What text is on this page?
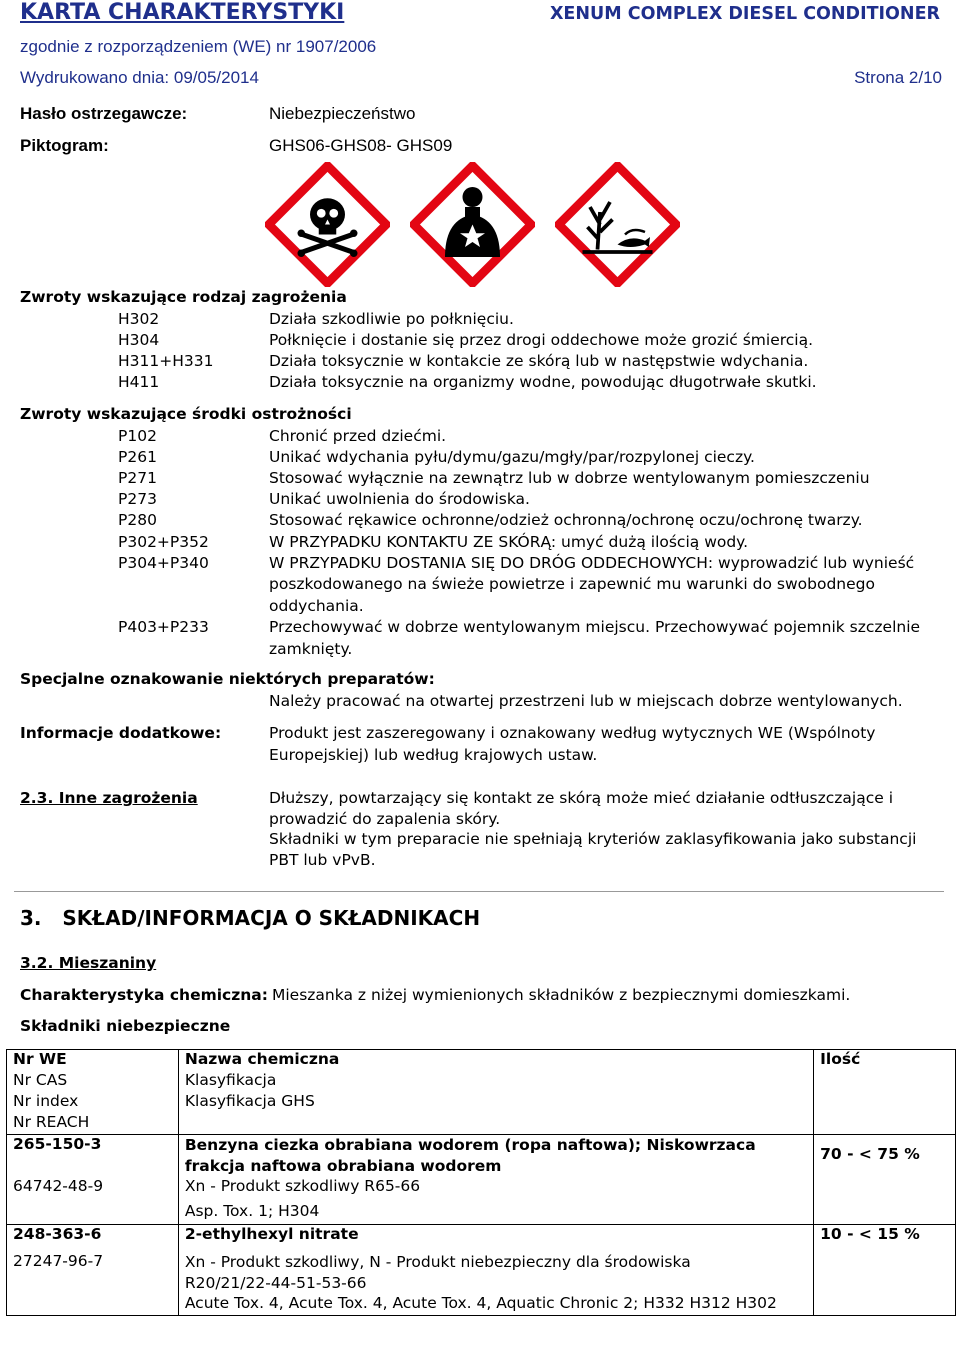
KARTA CHARAKTERYSTYKI	XENUM COMPLEX DIESEL CONDITIONER
zgodnie z rozporządzeniem (WE) nr 1907/2006
Wydrukowano dnia: 09/05/2014	Strona 2/10
Hasło ostrzegawcze:	Niebezpieczeństwo
Piktogram:	GHS06-GHS08- GHS09
Zwroty wskazujące rodzaj zagrożenia
H302	Działa szkodliwie po połknięciu.
H304	Połknięcie i dostanie się przez drogi oddechowe może grozić śmiercią.
H311+H331	Działa toksycznie w kontakcie ze skórą lub w następstwie wdychania.
H411	Działa toksycznie na organizmy wodne, powodując długotrwałe skutki.
Zwroty wskazujące środki ostrożności
P102	Chronić przed dziećmi.
P261	Unikać wdychania pyłu/dymu/gazu/mgły/par/rozpylonej cieczy.
P271	Stosować wyłącznie na zewnątrz lub w dobrze wentylowanym pomieszczeniu
P273	Unikać uwolnienia do środowiska.
P280	Stosować rękawice ochronne/odzież ochronną/ochronę oczu/ochronę twarzy.
P302+P352	W PRZYPADKU KONTAKTU ZE SKÓRĄ: umyć dużą ilością wody.
P304+P340	W PRZYPADKU DOSTANIA SIĘ DO DRÓG ODDECHOWYCH: wyprowadzić lub wynieść
poszkodowanego na świeże powietrze i zapewnić mu warunki do swobodnego
oddychania.
P403+P233	Przechowywać w dobrze wentylowanym miejscu. Przechowywać pojemnik szczelnie
zamknięty.
Specjalne oznakowanie niektórych preparatów:
Należy pracować na otwartej przestrzeni lub w miejscach dobrze wentylowanych.
Informacje dodatkowe:	Produkt jest zaszeregowany i oznakowany według wytycznych WE (Wspólnoty
Europejskiej) lub według krajowych ustaw.
2.3. Inne zagrożenia	Dłuższy, powtarzający się kontakt ze skórą może mieć działanie odtłuszczające i
prowadzić do zapalenia skóry.
Składniki w tym preparacie nie spełniają kryteriów zaklasyfikowania jako substancji
PBT lub vPvB.
3.   SKŁAD/INFORMACJA O SKŁADNIKACH
3.2. Mieszaniny
Charakterystyka chemiczna: Mieszanka z niżej wymienionych składników z bezpiecznymi domieszkami.
Składniki niebezpieczne
Nr WE	Nazwa chemiczna	Ilość
Nr CAS	Klasyfikacja	
Nr index	Klasyfikacja GHS	
Nr REACH		
265-150-3	Benzyna ciezka obrabiana wodorem (ropa naftowa); Niskowrzaca
frakcja naftowa obrabiana wodorem	70 - < 75 %
64742-48-9	Xn - Produkt szkodliwy R65-66	
	Asp. Tox. 1; H304	
248-363-6	2-ethylhexyl nitrate	10 - < 15 %
27247-96-7	Xn - Produkt szkodliwy, N - Produkt niebezpieczny dla środowiska
R20/21/22-44-51-53-66	

	Acute Tox. 4, Acute Tox. 4, Acute Tox. 4, Aquatic Chronic 2; H332 H312 H302	
